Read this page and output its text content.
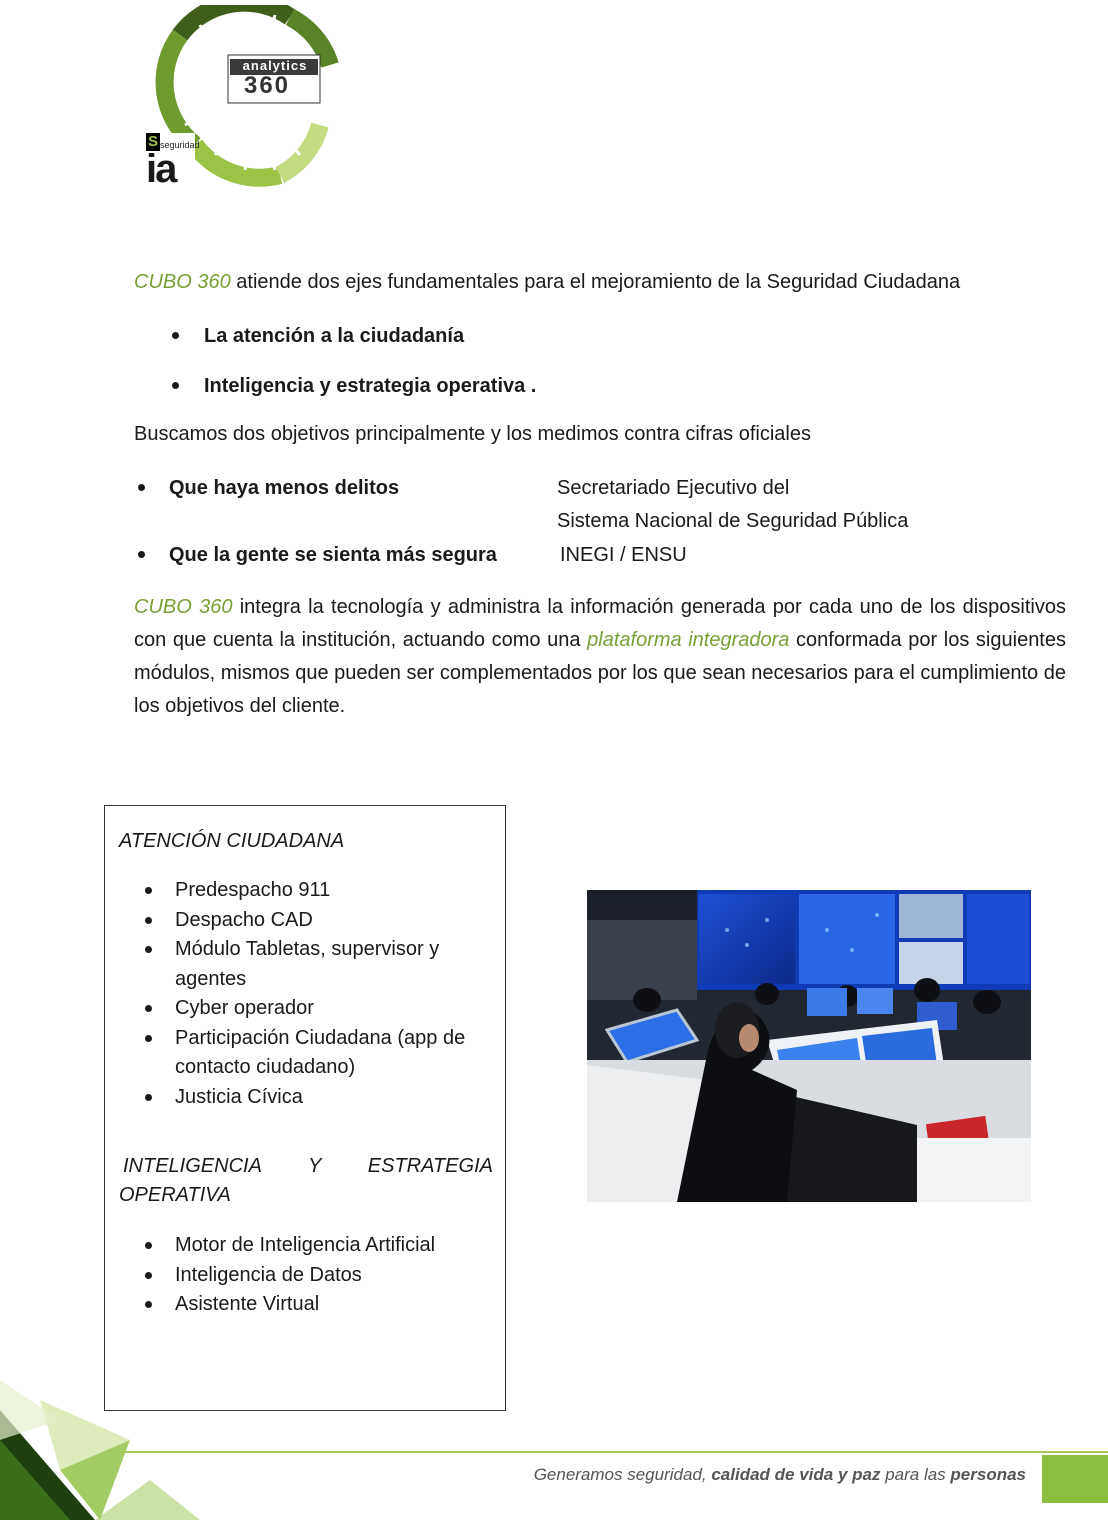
analytics
360
S seguridad
ia
CUBO 360 atiende dos ejes fundamentales para el mejoramiento de la Seguridad Ciudadana
La atención a la ciudadanía
Inteligencia y estrategia operativa .
Buscamos dos objetivos principalmente y los medimos contra cifras oficiales
Que haya menos delitos	Secretariado Ejecutivo del
Sistema Nacional de Seguridad Pública
Que la gente se sienta más segura	INEGI / ENSU
CUBO 360 integra la tecnología y administra la información generada por cada uno de los dispositivos con que cuenta la institución, actuando como una plataforma integradora conformada por los siguientes módulos, mismos que pueden ser complementados por los que sean necesarios para el cumplimiento de los objetivos del cliente.
ATENCIÓN CIUDADANA
Predespacho 911
Despacho CAD
Módulo Tabletas, supervisor y agentes
Cyber operador
Participación Ciudadana (app de contacto ciudadano)
Justicia Cívica
INTELIGENCIA Y ESTRATEGIA
OPERATIVA
Motor de Inteligencia Artificial
Inteligencia de Datos
Asistente Virtual
Generamos seguridad, calidad de vida y paz para las personas
